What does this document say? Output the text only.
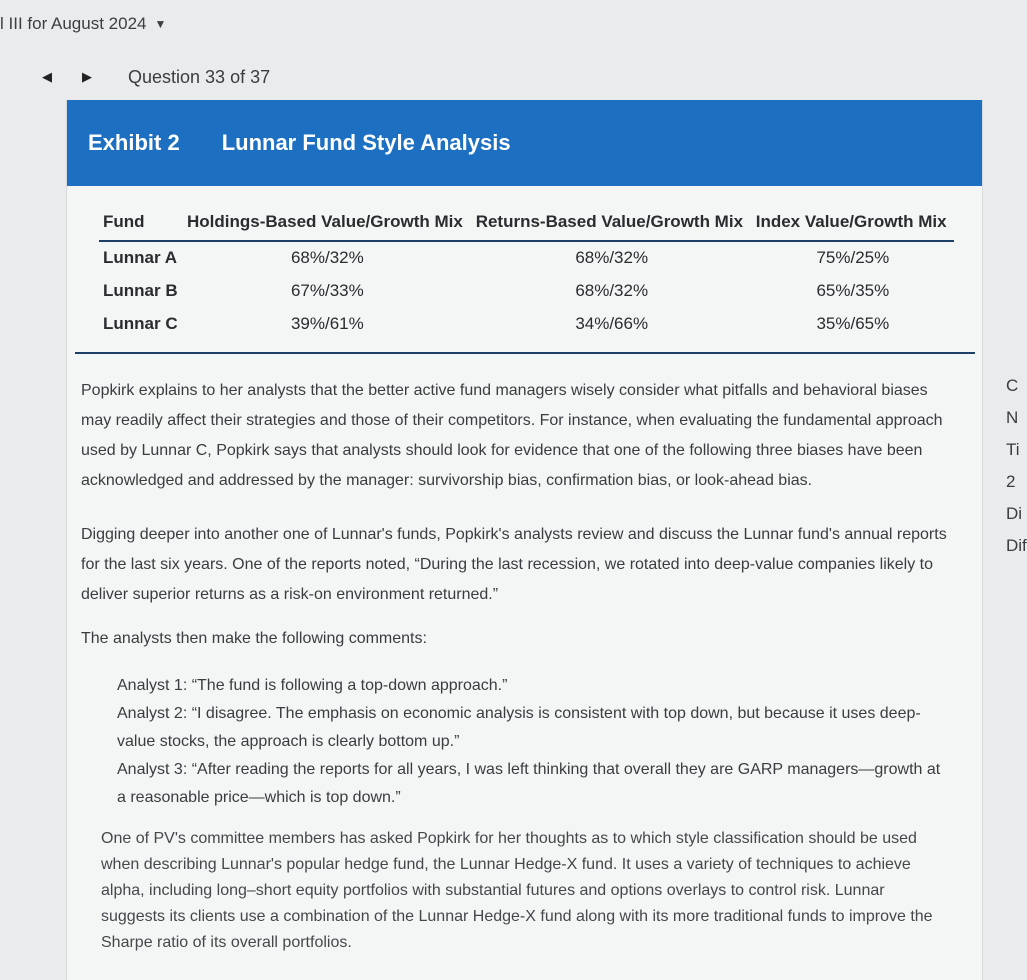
l III for August 2024 ▼
◀ ▶ Question 33 of 37
Exhibit 2 Lunnar Fund Style Analysis
Fund	Holdings-Based Value/Growth Mix	Returns-Based Value/Growth Mix	Index Value/Growth Mix
Lunnar A	68%/32%	68%/32%	75%/25%
Lunnar B	67%/33%	68%/32%	65%/35%
Lunnar C	39%/61%	34%/66%	35%/65%
Popkirk explains to her analysts that the better active fund managers wisely consider what pitfalls and behavioral biases may readily affect their strategies and those of their competitors. For instance, when evaluating the fundamental approach used by Lunnar C, Popkirk says that analysts should look for evidence that one of the following three biases have been acknowledged and addressed by the manager: survivorship bias, confirmation bias, or look-ahead bias.
Digging deeper into another one of Lunnar's funds, Popkirk's analysts review and discuss the Lunnar fund's annual reports for the last six years. One of the reports noted, “During the last recession, we rotated into deep-value companies likely to deliver superior returns as a risk-on environment returned.”
The analysts then make the following comments:
Analyst 1: “The fund is following a top-down approach.”
Analyst 2: “I disagree. The emphasis on economic analysis is consistent with top down, but because it uses deep-value stocks, the approach is clearly bottom up.”
Analyst 3: “After reading the reports for all years, I was left thinking that overall they are GARP managers—growth at a reasonable price—which is top down.”
One of PV's committee members has asked Popkirk for her thoughts as to which style classification should be used when describing Lunnar's popular hedge fund, the Lunnar Hedge-X fund. It uses a variety of techniques to achieve alpha, including long–short equity portfolios with substantial futures and options overlays to control risk. Lunnar suggests its clients use a combination of the Lunnar Hedge-X fund along with its more traditional funds to improve the Sharpe ratio of its overall portfolios.
C
N
Ti
2
Di
Dif
